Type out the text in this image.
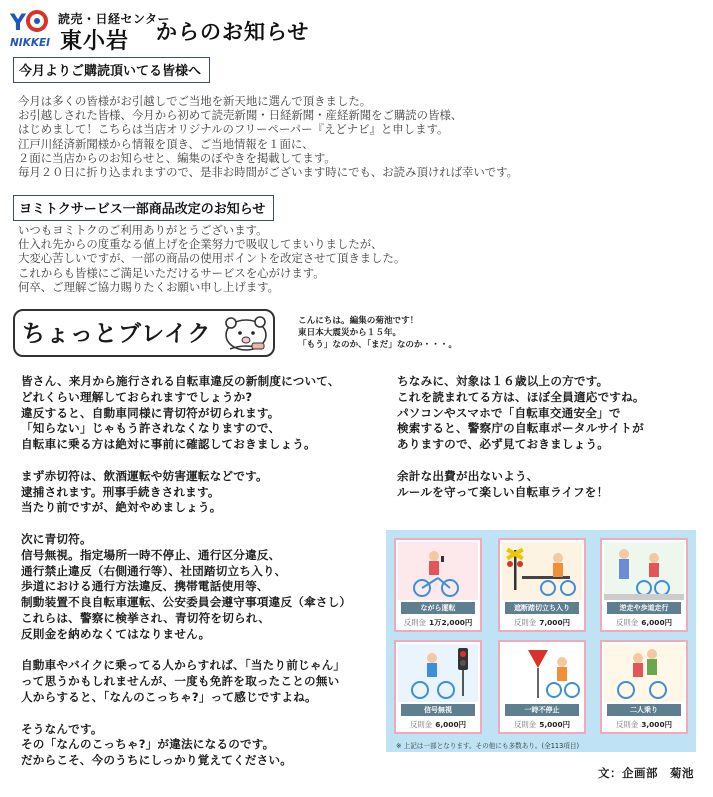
Y
NIKKEI
読売・日経センター
東小岩 からのお知らせ
今月よりご購読頂いてる皆様へ
今月は多くの皆様がお引越しでご当地を新天地に選んで頂きました。
お引越しされた皆様、今月から初めて読売新聞・日経新聞・産経新聞をご購読の皆様、
はじめまして！こちらは当店オリジナルのフリーペーパー『えどナビ』と申します。
江戸川経済新聞様から情報を頂き、ご当地情報を１面に、
２面に当店からのお知らせと、編集のぼやきを掲載してます。
毎月２０日に折り込まれますので、是非お時間がございます時にでも、お読み頂ければ幸いです。
ヨミトクサービス一部商品改定のお知らせ
いつもヨミトクのご利用ありがとうございます。
仕入れ先からの度重なる値上げを企業努力で吸収してまいりましたが、
大変心苦しいですが、一部の商品の使用ポイントを改定させて頂きました。
これからも皆様にご満足いただけるサービスを心がけます。
何卒、ご理解ご協力賜りたくお願い申し上げます。
ちょっとブレイク	こんにちは。編集の菊池です！
東日本大震災から１５年。
「もう」なのか、「まだ」なのか・・・。
皆さん、来月から施行される自転車違反の新制度について、
どれくらい理解しておられますでしょうか?
違反すると、自動車同様に青切符が切られます。
「知らない」じゃもう許されなくなりますので、
自転車に乗る方は絶対に事前に確認しておきましょう。
まず赤切符は、飲酒運転や妨害運転などです。
逮捕されます。刑事手続きされます。
当たり前ですが、絶対やめましょう。
次に青切符。
信号無視。指定場所一時不停止、通行区分違反、
通行禁止違反（右側通行等）、社団踏切立ち入り、
歩道における通行方法違反、携帯電話使用等、
制動装置不良自転車運転、公安委員会遵守事項違反（傘さし）
これらは、警察に検挙され、青切符を切られ、
反則金を納めなくてはなりません。
自動車やバイクに乗ってる人からすれば、「当たり前じゃん」
って思うかもしれませんが、一度も免許を取ったことの無い
人からすると、「なんのこっちゃ?」って感じですよね。
そうなんです。
その「なんのこっちゃ?」が違法になるのです。
だからこそ、今のうちにしっかり覚えてください。
ちなみに、対象は１６歳以上の方です。
これを読まれてる方は、ほぼ全員適応ですね。
パソコンやスマホで「自転車交通安全」で
検索すると、警察庁の自転車ポータルサイトが
ありますので、必ず見ておきましょう。
余計な出費が出ないよう、
ルールを守って楽しい自転車ライフを！
ながら運転
反則金 1万2,000円
遮断踏切立ち入り
反則金 7,000円
逆走や歩道走行
反則金 6,000円
信号無視
反則金 6,000円
一時不停止
反則金 5,000円
二人乗り
反則金 3,000円
※ 上記は一部となります。その他にも多数あり。(全113項目)
文：企画部　菊池
